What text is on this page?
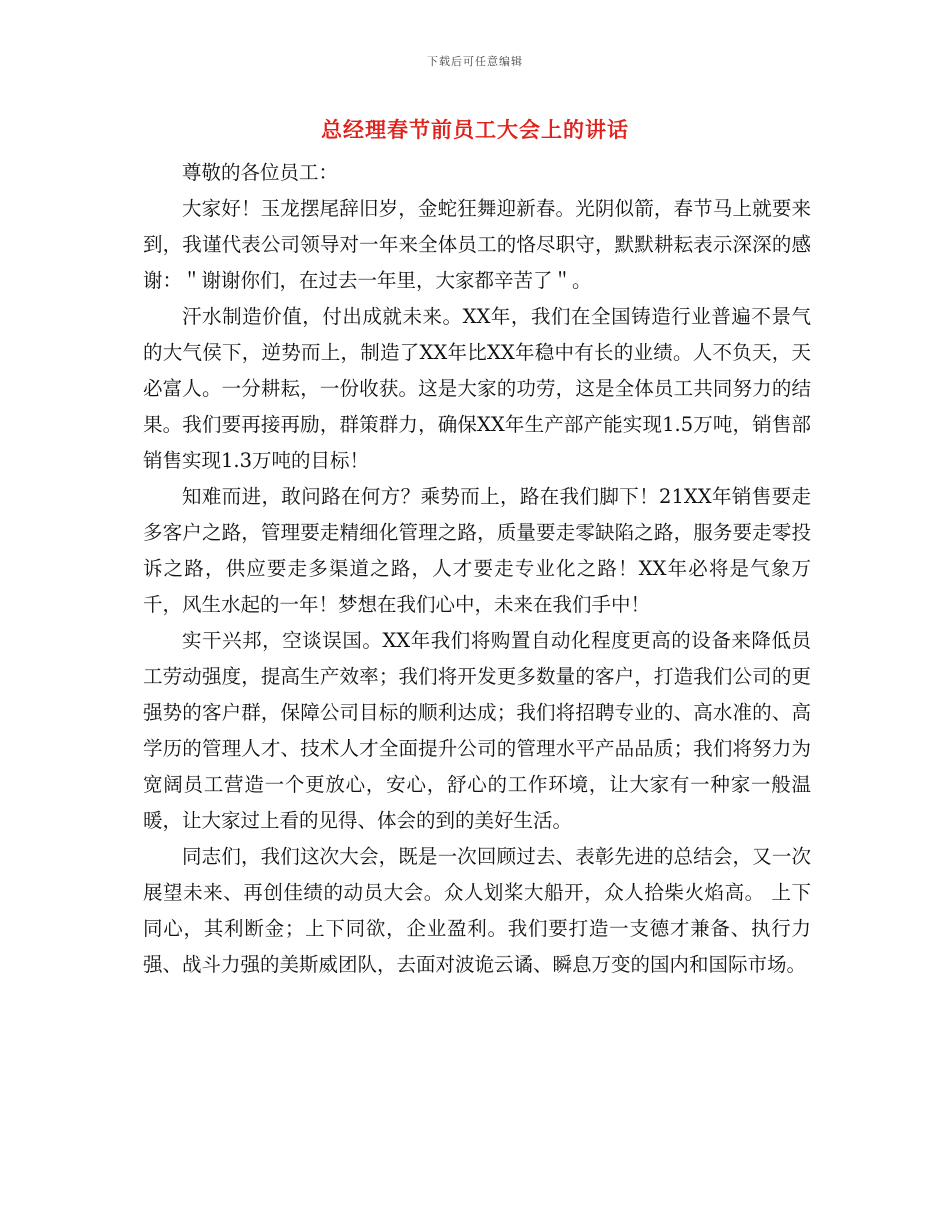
下载后可任意编辑
总经理春节前员工大会上的讲话

尊敬的各位员工：

大家好！玉龙摆尾辞旧岁，金蛇狂舞迎新春。光阴似箭，春节马上就要来到，我谨代表公司领导对一年来全体员工的恪尽职守，默默耕耘表示深深的感谢：＂谢谢你们，在过去一年里，大家都辛苦了＂。

汗水制造价值，付出成就未来。XX年，我们在全国铸造行业普遍不景气的大气侯下，逆势而上，制造了XX年比XX年稳中有长的业绩。人不负天，天必富人。一分耕耘，一份收获。这是大家的功劳，这是全体员工共同努力的结果。我们要再接再励，群策群力，确保XX年生产部产能实现1.5万吨，销售部销售实现1.3万吨的目标！

知难而进，敢问路在何方？乘势而上，路在我们脚下！21XX年销售要走多客户之路，管理要走精细化管理之路，质量要走零缺陷之路，服务要走零投诉之路，供应要走多渠道之路，人才要走专业化之路！XX年必将是气象万千，风生水起的一年！梦想在我们心中，未来在我们手中！

实干兴邦，空谈误国。XX年我们将购置自动化程度更高的设备来降低员工劳动强度，提高生产效率；我们将开发更多数量的客户，打造我们公司的更强势的客户群，保障公司目标的顺利达成；我们将招聘专业的、高水准的、高学历的管理人才、技术人才全面提升公司的管理水平产品品质；我们将努力为宽阔员工营造一个更放心，安心，舒心的工作环境，让大家有一种家一般温暖，让大家过上看的见得、体会的到的美好生活。

同志们，我们这次大会，既是一次回顾过去、表彰先进的总结会，又一次展望未来、再创佳绩的动员大会。众人划桨大船开，众人拾柴火焰高。 上下同心，其利断金；上下同欲，企业盈利。我们要打造一支德才兼备、执行力强、战斗力强的美斯威团队，去面对波诡云谲、瞬息万变的国内和国际市场。
